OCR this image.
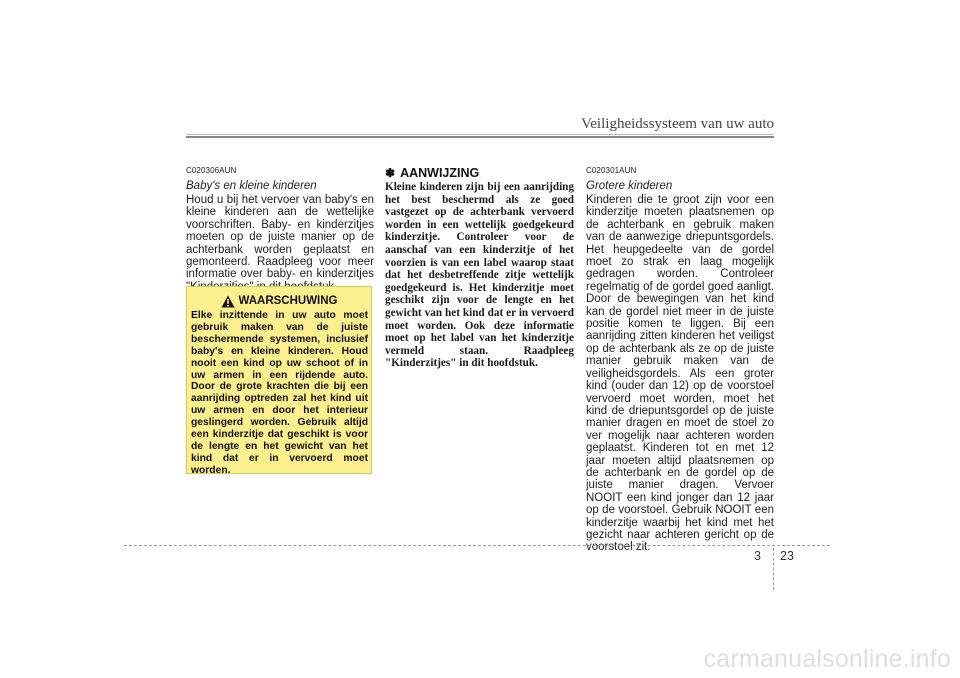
Veiligheidssysteem van uw auto
C020306AUN
Baby's en kleine kinderen
Houd u bij het vervoer van baby's en kleine kinderen aan de wettelijke voorschriften. Baby- en kinderzitjes moeten op de juiste manier op de achterbank worden geplaatst en gemonteerd. Raadpleeg voor meer informatie over baby- en kinderzitjes
WAARSCHUWING
Elke inzittende in uw auto moet gebruik maken van de juiste beschermende systemen, inclusief baby's en kleine kinderen. Houd nooit een kind op uw schoot of in uw armen in een rijdende auto. Door de grote krachten die bij een aanrijding optreden zal het kind uit uw armen en door het interieur geslingerd worden. Gebruik altijd een kinderzitje dat geschikt is voor de lengte en het gewicht van het kind dat er in vervoerd moet worden.
✽ AANWIJZING
Kleine kinderen zijn bij een aanrijding het best beschermd als ze goed vastgezet op de achterbank vervoerd worden in een wettelijk goedgekeurd kinderzitje. Controleer voor de aanschaf van een kinderzitje of het voorzien is van een label waarop staat dat het desbetreffende zitje wettelijk goedgekeurd is. Het kinderzitje moet geschikt zijn voor de lengte en het gewicht van het kind dat er in vervoerd moet worden. Ook deze informatie moet op het label van het kinderzitje vermeld staan. Raadpleeg "Kinderzitjes" in dit hoofdstuk.
C020301AUN
Grotere kinderen
Kinderen die te groot zijn voor een kinderzitje moeten plaatsnemen op de achterbank en gebruik maken van de aanwezige driepuntsgordels. Het heupgedeelte van de gordel moet zo strak en laag mogelijk gedragen worden. Controleer regelmatig of de gordel goed aanligt. Door de bewegingen van het kind kan de gordel niet meer in de juiste positie komen te liggen. Bij een aanrijding zitten kinderen het veiligst op de achterbank als ze op de juiste manier gebruik maken van de veiligheidsgordels. Als een groter kind (ouder dan 12) op de voorstoel vervoerd moet worden, moet het kind de driepuntsgordel op de juiste manier dragen en moet de stoel zo ver mogelijk naar achteren worden geplaatst. Kinderen tot en met 12 jaar moeten altijd plaatsnemen op de achterbank en de gordel op de juiste manier dragen. Vervoer NOOIT een kind jonger dan 12 jaar op de voorstoel. Gebruik NOOIT een kinderzitje waarbij het kind met het gezicht naar achteren gericht op de voorstoel zit.
3 23
carmanualsonline.info
